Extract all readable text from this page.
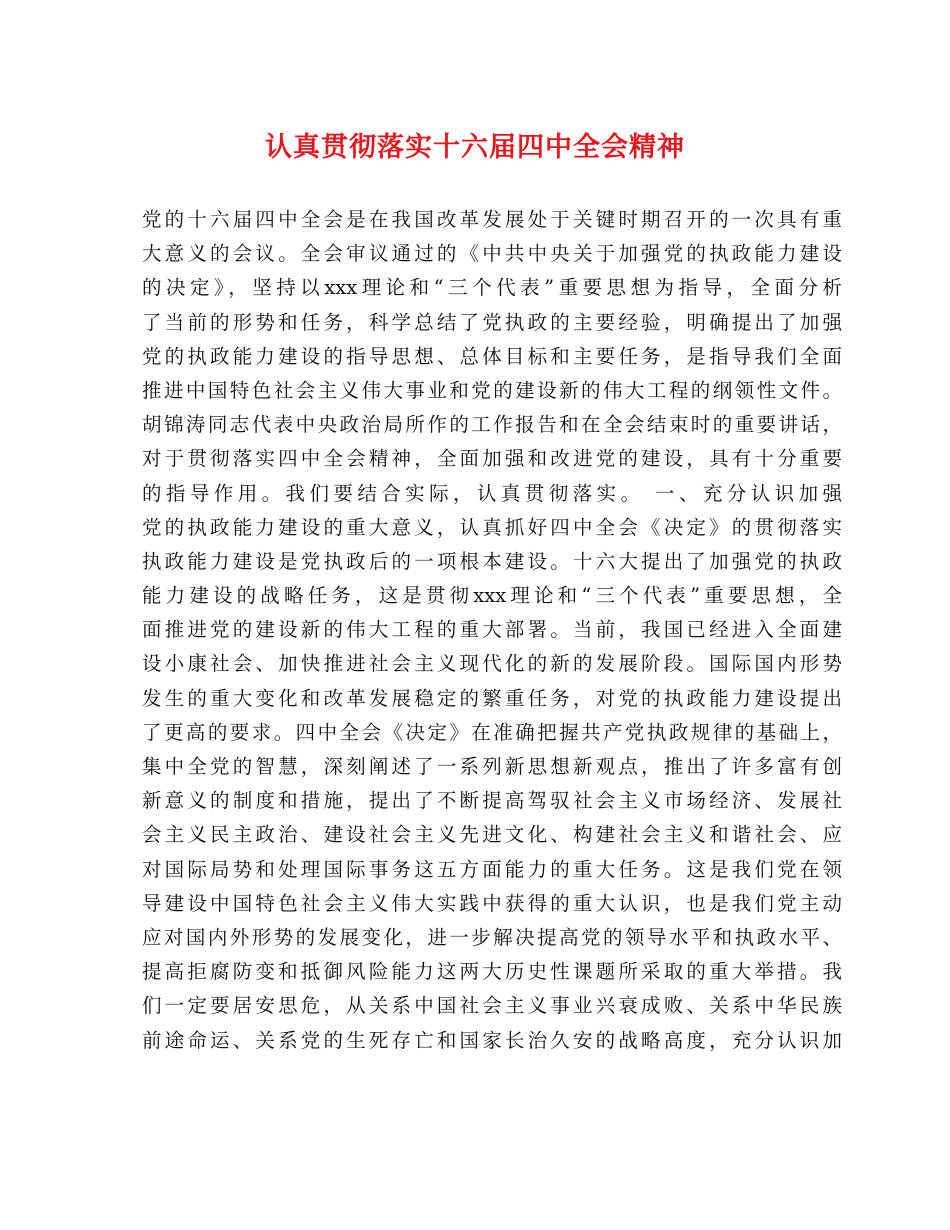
认真贯彻落实十六届四中全会精神
党的十六届四中全会是在我国改革发展处于关键时期召开的一次具有重
大意义的会议。全会审议通过的《中共中央关于加强党的执政能力建设
的决定》，坚持以xxx理论和“三个代表”重要思想为指导，全面分析
了当前的形势和任务，科学总结了党执政的主要经验，明确提出了加强
党的执政能力建设的指导思想、总体目标和主要任务，是指导我们全面
推进中国特色社会主义伟大事业和党的建设新的伟大工程的纲领性文件。
胡锦涛同志代表中央政治局所作的工作报告和在全会结束时的重要讲话，
对于贯彻落实四中全会精神，全面加强和改进党的建设，具有十分重要
的指导作用。我们要结合实际，认真贯彻落实。 一、充分认识加强
党的执政能力建设的重大意义，认真抓好四中全会《决定》的贯彻落实
执政能力建设是党执政后的一项根本建设。十六大提出了加强党的执政
能力建设的战略任务，这是贯彻xxx理论和“三个代表”重要思想，全
面推进党的建设新的伟大工程的重大部署。当前，我国已经进入全面建
设小康社会、加快推进社会主义现代化的新的发展阶段。国际国内形势
发生的重大变化和改革发展稳定的繁重任务，对党的执政能力建设提出
了更高的要求。四中全会《决定》在准确把握共产党执政规律的基础上，
集中全党的智慧，深刻阐述了一系列新思想新观点，推出了许多富有创
新意义的制度和措施，提出了不断提高驾驭社会主义市场经济、发展社
会主义民主政治、建设社会主义先进文化、构建社会主义和谐社会、应
对国际局势和处理国际事务这五方面能力的重大任务。这是我们党在领
导建设中国特色社会主义伟大实践中获得的重大认识，也是我们党主动
应对国内外形势的发展变化，进一步解决提高党的领导水平和执政水平、
提高拒腐防变和抵御风险能力这两大历史性课题所采取的重大举措。我
们一定要居安思危，从关系中国社会主义事业兴衰成败、关系中华民族
前途命运、关系党的生死存亡和国家长治久安的战略高度，充分认识加
